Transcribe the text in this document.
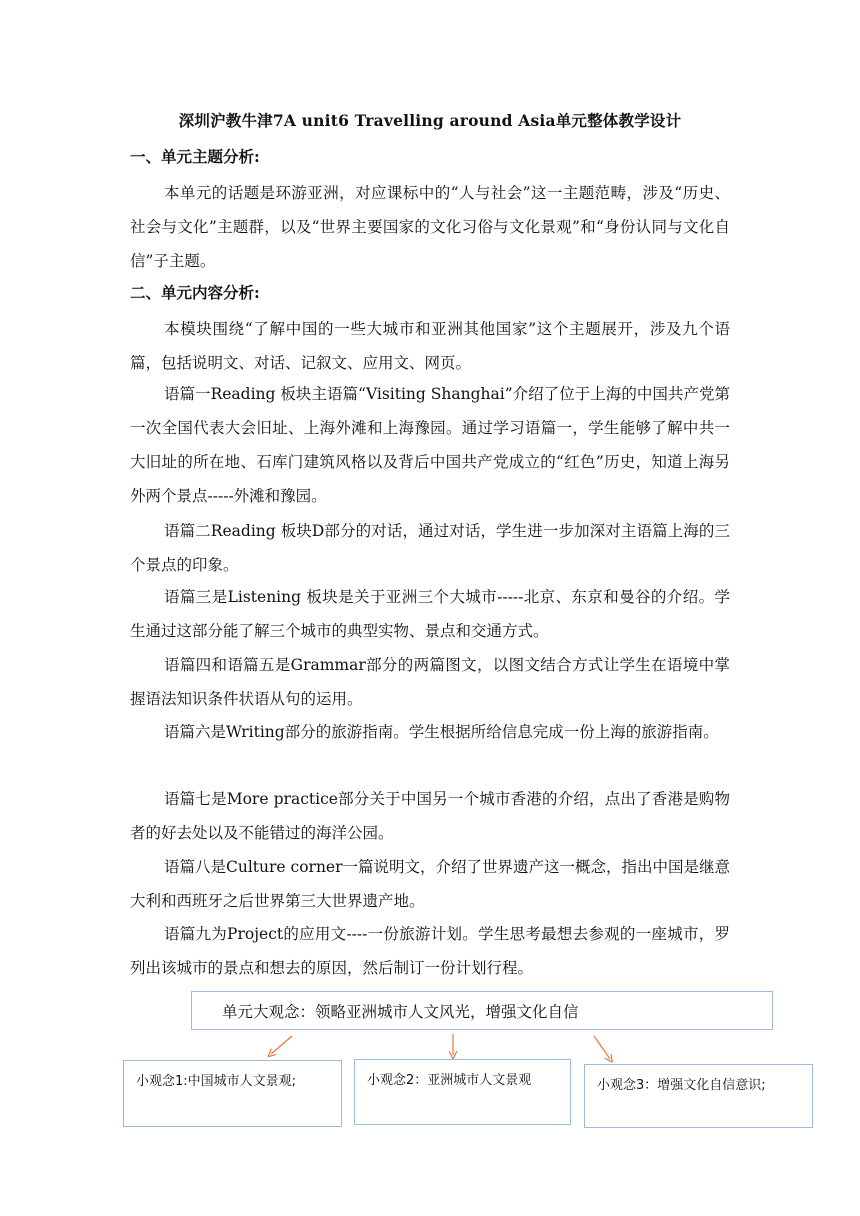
深圳沪教牛津7A unit6 Travelling around Asia单元整体教学设计
一、单元主题分析:

本单元的话题是环游亚洲，对应课标中的“人与社会”这一主题范畴，涉及“历史、社会与文化”主题群，以及“世界主要国家的文化习俗与文化景观”和“身份认同与文化自信”子主题。

二、单元内容分析:

本模块围绕“了解中国的一些大城市和亚洲其他国家”这个主题展开，涉及九个语篇，包括说明文、对话、记叙文、应用文、网页。

语篇一Reading 板块主语篇“Visiting Shanghai”介绍了位于上海的中国共产党第一次全国代表大会旧址、上海外滩和上海豫园。通过学习语篇一，学生能够了解中共一大旧址的所在地、石库门建筑风格以及背后中国共产党成立的“红色”历史，知道上海另外两个景点-----外滩和豫园。

语篇二Reading 板块D部分的对话，通过对话，学生进一步加深对主语篇上海的三个景点的印象。

语篇三是Listening 板块是关于亚洲三个大城市-----北京、东京和曼谷的介绍。学生通过这部分能了解三个城市的典型实物、景点和交通方式。

语篇四和语篇五是Grammar部分的两篇图文，以图文结合方式让学生在语境中掌握语法知识条件状语从句的运用。

语篇六是Writing部分的旅游指南。学生根据所给信息完成一份上海的旅游指南。

语篇七是More practice部分关于中国另一个城市香港的介绍，点出了香港是购物者的好去处以及不能错过的海洋公园。

语篇八是Culture corner一篇说明文，介绍了世界遗产这一概念，指出中国是继意大利和西班牙之后世界第三大世界遗产地。

语篇九为Project的应用文----一份旅游计划。学生思考最想去参观的一座城市，罗列出该城市的景点和想去的原因，然后制订一份计划行程。

单元大观念：领略亚洲城市人文风光，增强文化自信
小观念1:中国城市人文景观;	小观念2：亚洲城市人文景观	小观念3：增强文化自信意识;
